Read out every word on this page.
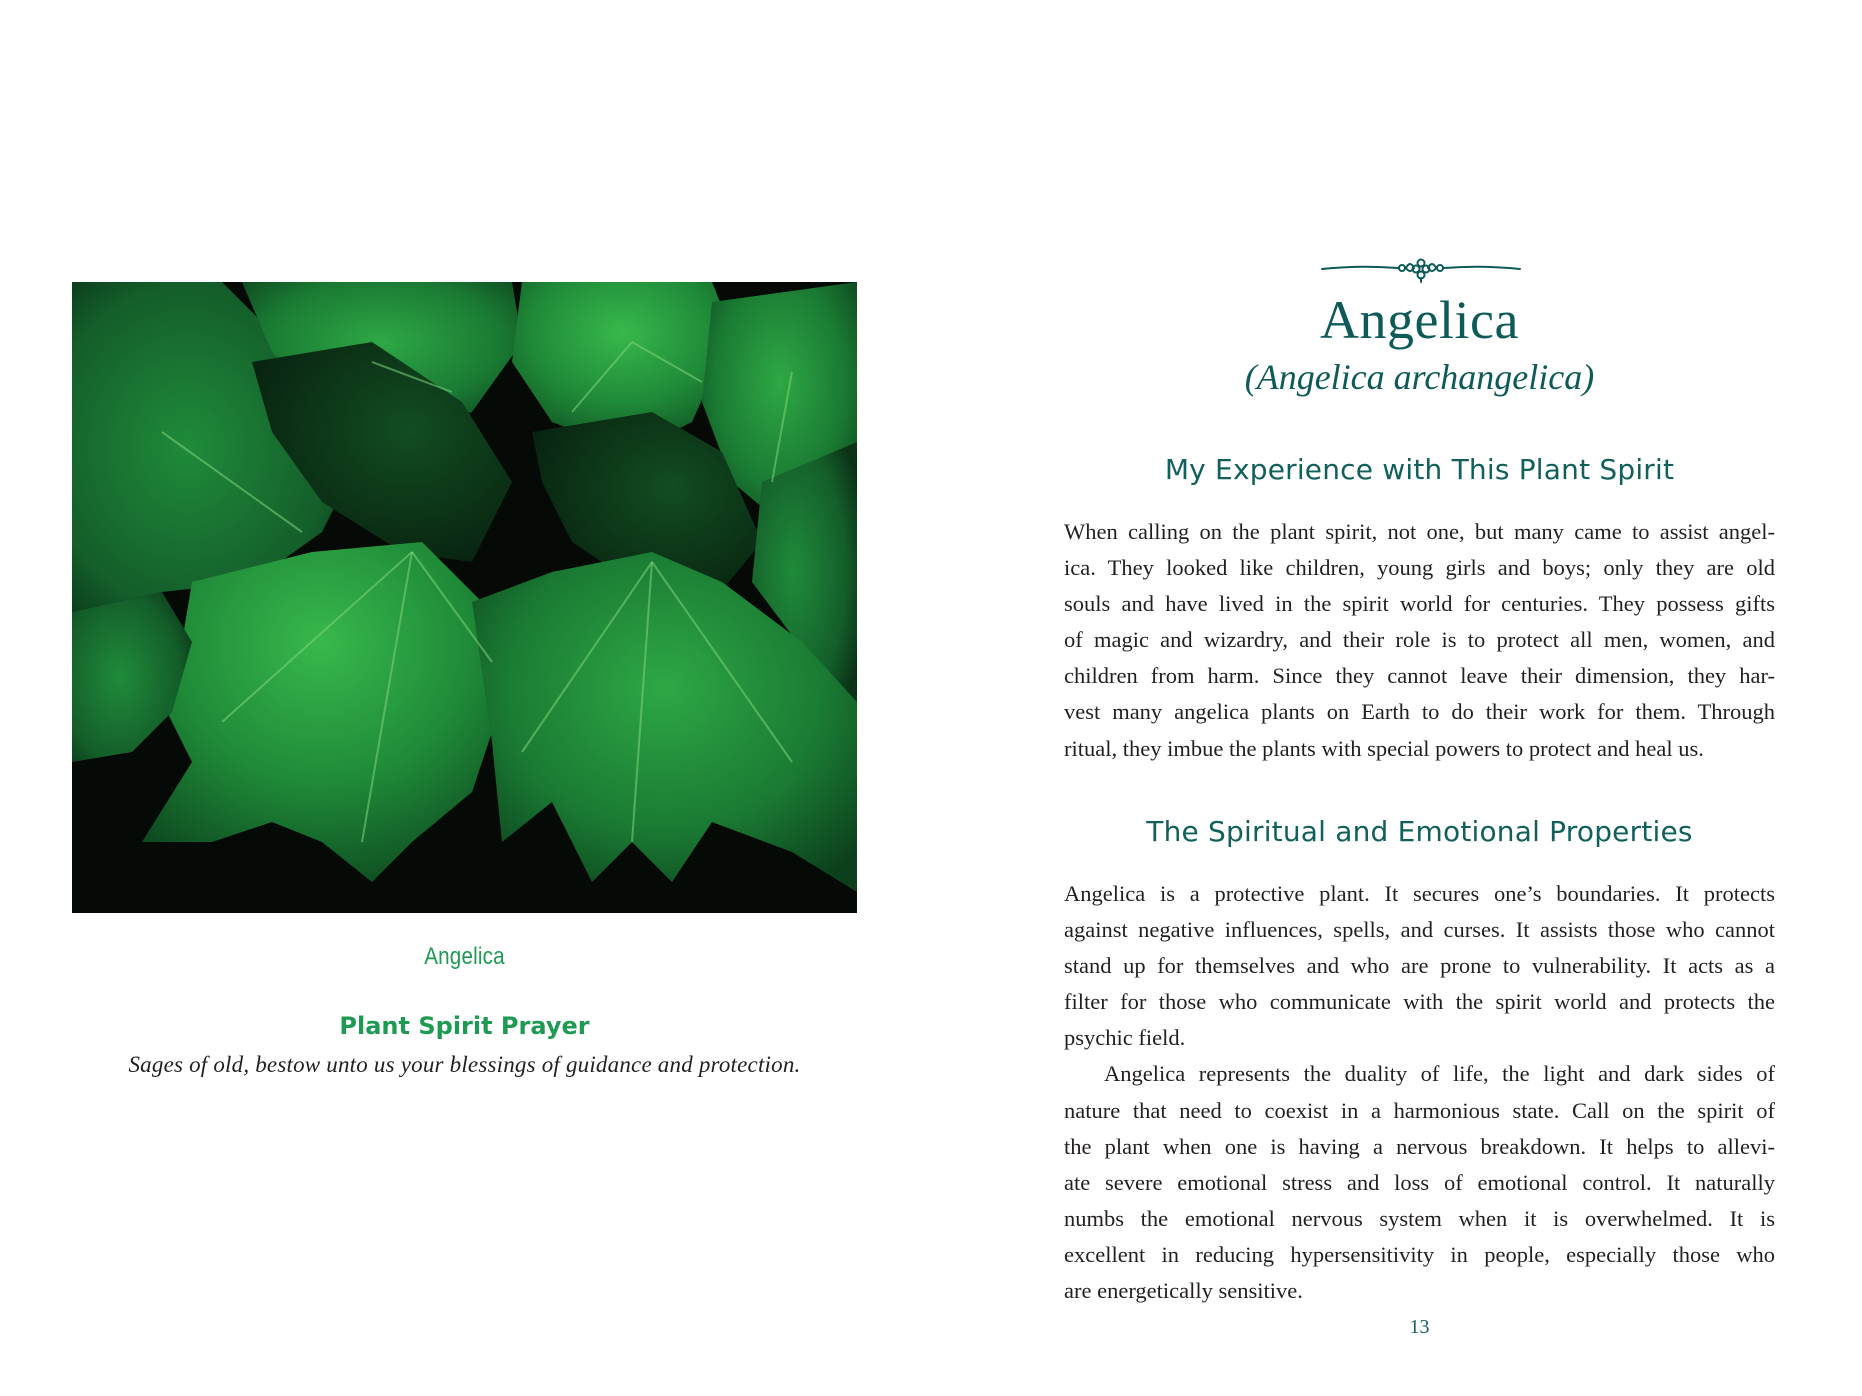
Angelica
Plant Spirit Prayer
Sages of old, bestow unto us your blessings of guidance and protection.
Angelica
(Angelica archangelica)
My Experience with This Plant Spirit
When calling on the plant spirit, not one, but many came to assist angel-
ica. They looked like children, young girls and boys; only they are old
souls and have lived in the spirit world for centuries. They possess gifts
of magic and wizardry, and their role is to protect all men, women, and
children from harm. Since they cannot leave their dimension, they har-
vest many angelica plants on Earth to do their work for them. Through
ritual, they imbue the plants with special powers to protect and heal us.
The Spiritual and Emotional Properties
Angelica is a protective plant. It secures one’s boundaries. It protects
against negative influences, spells, and curses. It assists those who cannot
stand up for themselves and who are prone to vulnerability. It acts as a
filter for those who communicate with the spirit world and protects the
psychic field.
Angelica represents the duality of life, the light and dark sides of
nature that need to coexist in a harmonious state. Call on the spirit of
the plant when one is having a nervous breakdown. It helps to allevi-
ate severe emotional stress and loss of emotional control. It naturally
numbs the emotional nervous system when it is overwhelmed. It is
excellent in reducing hypersensitivity in people, especially those who
are energetically sensitive.
13
